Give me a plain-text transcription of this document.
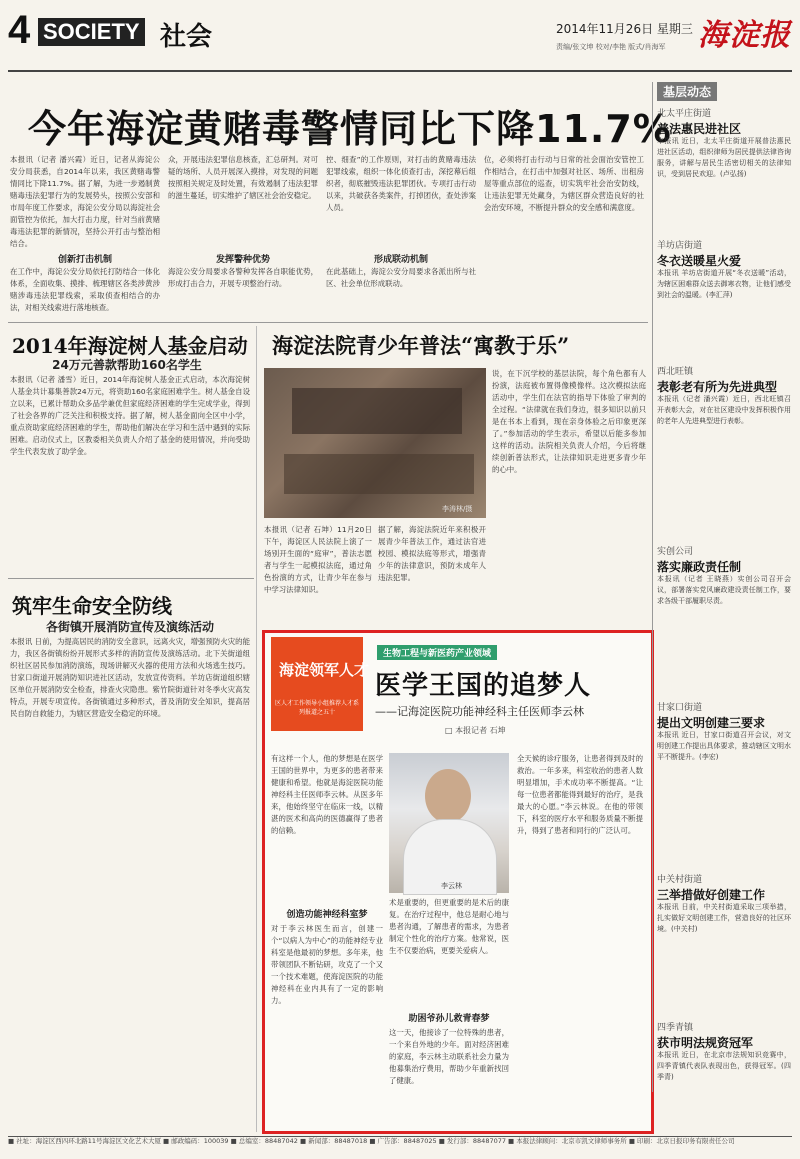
4 SOCIETY 社会	2014年11月26日 星期三
责编/张文坤 校对/李艳 版式/肖海军 海淀报
今年海淀黄赌毒警情同比下降11.7%
本报讯（记者 潘兴霞）近日，记者从海淀公安分局获悉，自2014年以来，我区黄赌毒警情同比下降11.7%。据了解，为进一步遏制黄赌毒违法犯罪行为的发展势头，按照公安部和市局年度工作要求，海淀公安分局以海淀社会面管控为依托，加大打击力度，针对当前黄赌毒违法犯罪的新情况，坚持公开打击与整治相结合。
创新打击机制
在工作中，海淀公安分局依托打防结合一体化体系，全面收集、摸排、梳理辖区各类涉黄涉赌涉毒违法犯罪线索，采取侦查相结合的办法，对相关线索进行落地核查。
众，开展违法犯罪信息核查，汇总研判。对可疑的场所、人员开展深入摸排，对发现的问题按照相关规定及时处置，有效遏制了违法犯罪的滋生蔓延，切实维护了辖区社会治安稳定。
发挥警种优势
海淀公安分局要求各警种发挥各自职能优势，形成打击合力，开展专项整治行动。
控、细查”的工作原则，对打击的黄赌毒违法犯罪线索，组织一体化侦查打击，深挖幕后组织者，彻底摧毁违法犯罪团伙。专项打击行动以来，共破获各类案件，打掉团伙，查处涉案人员。
形成联动机制
在此基础上，海淀公安分局要求各派出所与社区、社会单位形成联动。
位，必须将打击行动与日常的社会面治安管控工作相结合，在打击中加强对社区、场所、出租房屋等重点部位的巡查，切实筑牢社会治安防线，让违法犯罪无处藏身，为辖区群众营造良好的社会治安环境，不断提升群众的安全感和满意度。
2014年海淀树人基金启动
24万元善款帮助160名学生
本报讯（记者 潘雪）近日，2014年海淀树人基金正式启动，本次海淀树人基金共计募集善款24万元，将资助160名家庭困难学生。树人基金自设立以来，已累计帮助众多品学兼优但家庭经济困难的学生完成学业，得到了社会各界的广泛关注和积极支持。据了解，树人基金面向全区中小学，重点资助家庭经济困难的学生，帮助他们解决在学习和生活中遇到的实际困难。启动仪式上，区教委相关负责人介绍了基金的使用情况，并向受助学生代表发放了助学金。
筑牢生命安全防线
各街镇开展消防宣传及演练活动
本报讯 日前，为提高居民的消防安全意识，远离火灾，增强预防火灾的能力，我区各街镇纷纷开展形式多样的消防宣传及演练活动。北下关街道组织社区居民参加消防演练，现场讲解灭火器的使用方法和火场逃生技巧。甘家口街道开展消防知识进社区活动，发放宣传资料。羊坊店街道组织辖区单位开展消防安全检查，排查火灾隐患。紫竹院街道针对冬季火灾高发特点，开展专项宣传。各街镇通过多种形式，普及消防安全知识，提高居民自防自救能力，为辖区营造安全稳定的环境。
海淀法院青少年普法“寓教于乐”
李涛林/摄
说，在下沉学校的基层法院，每个角色都有人扮演，法庭被布置得像模像样。这次模拟法庭活动中，学生们在法官的指导下体验了审判的全过程。“法律就在我们身边，很多知识以前只是在书本上看到，现在亲身体验之后印象更深了。”参加活动的学生表示，希望以后能多参加这样的活动。法院相关负责人介绍，今后将继续创新普法形式，让法律知识走进更多青少年的心中。
本报讯（记者 石坤）11月20日下午，海淀区人民法院上演了一场别开生面的“庭审”，普法志愿者与学生一起模拟法庭，通过角色扮演的方式，让青少年在参与中学习法律知识。
据了解，海淀法院近年来积极开展青少年普法工作，通过法官进校园、模拟法庭等形式，增强青少年的法律意识，预防未成年人违法犯罪。
海淀领军人才
区人才工作领导小组推荐人才系列报道之五十
生物工程与新医药产业领域
医学王国的追梦人
——记海淀医院功能神经科主任医师李云林
□ 本报记者 石坤
有这样一个人，他的梦想是在医学王国的世界中，为更多的患者带来健康和希望。他就是海淀医院功能神经科主任医师李云林。从医多年来，他始终坚守在临床一线，以精湛的医术和高尚的医德赢得了患者的信赖。
创造功能神经科室梦
对于李云林医生而言，创建一个“以病人为中心”的功能神经专业科室是他最初的梦想。多年来，他带领团队不断钻研，攻克了一个又一个技术难题，使海淀医院的功能神经科在业内具有了一定的影响力。
李云林
术是重要的，但更重要的是术后的康复。在治疗过程中，他总是耐心地与患者沟通，了解患者的需求，为患者制定个性化的治疗方案。他常说，医生不仅要治病，更要关爱病人。
助困爷孙儿救青春梦
这一天，他接诊了一位特殊的患者，一个来自外地的少年。面对经济困难的家庭，李云林主动联系社会力量为他募集治疗费用，帮助少年重新找回了健康。
全天候的诊疗服务，让患者得到及时的救治。一年多来，科室收治的患者人数明显增加，手术成功率不断提高。“让每一位患者都能得到最好的治疗，是我最大的心愿。”李云林说。在他的带领下，科室的医疗水平和服务质量不断提升，得到了患者和同行的广泛认可。
基层动态
北太平庄街道
普法惠民进社区
本报讯 近日，北太平庄街道开展普法惠民进社区活动，组织律师为居民提供法律咨询服务，讲解与居民生活密切相关的法律知识，受到居民欢迎。(卢弘扬)
羊坊店街道
冬衣送暖星火爱
本报讯 羊坊店街道开展“冬衣送暖”活动，为辖区困难群众送去御寒衣物，让他们感受到社会的温暖。(李汇萍)
西北旺镇
表彰老有所为先进典型
本报讯（记者 潘兴霞）近日，西北旺镇召开表彰大会，对在社区建设中发挥积极作用的老年人先进典型进行表彰。
实创公司
落实廉政责任制
本报讯（记者 王晓燕）实创公司召开会议，部署落实党风廉政建设责任制工作，要求各级干部履职尽责。
甘家口街道
提出文明创建三要求
本报讯 近日，甘家口街道召开会议，对文明创建工作提出具体要求，推动辖区文明水平不断提升。(李宏)
中关村街道
三举措做好创建工作
本报讯 日前，中关村街道采取三项举措，扎实做好文明创建工作，营造良好的社区环境。(中关村)
四季青镇
获市明法规资冠军
本报讯 近日，在北京市法规知识竞赛中，四季青镇代表队表现出色，获得冠军。(四季青)
■ 社址：海淀区西四环北路11号海淀区文化艺术大厦 ■ 邮政编码：100039 ■ 总编室：88487042 ■ 新闻部：88487018 ■ 广告部：88487025 ■ 发行部：88487077 ■ 本报法律顾问：北京市凯文律师事务所 ■ 印刷：北京日报印务有限责任公司
